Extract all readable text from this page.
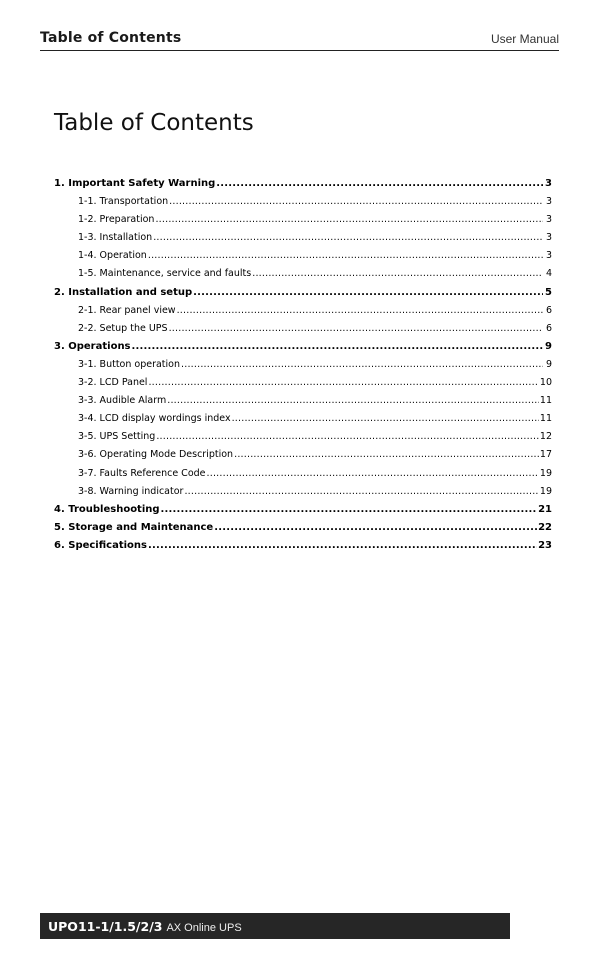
Table of Contents	User Manual
Table of Contents
1. Important Safety Warning .....	3
1-1. Transportation .....	3
1-2. Preparation .....	3
1-3. Installation .....	3
1-4. Operation .....	3
1-5. Maintenance, service and faults .....	4
2. Installation and setup .....	5
2-1. Rear panel view .....	6
2-2. Setup the UPS .....	6
3. Operations .....	9
3-1. Button operation .....	9
3-2. LCD Panel .....	10
3-3. Audible Alarm .....	11
3-4. LCD display wordings index .....	11
3-5. UPS Setting .....	12
3-6. Operating Mode Description .....	17
3-7. Faults Reference Code .....	19
3-8. Warning indicator .....	19
4. Troubleshooting .....	21
5. Storage and Maintenance .....	22
6. Specifications .....	23
UPO11-1/1.5/2/3 AX Online UPS
